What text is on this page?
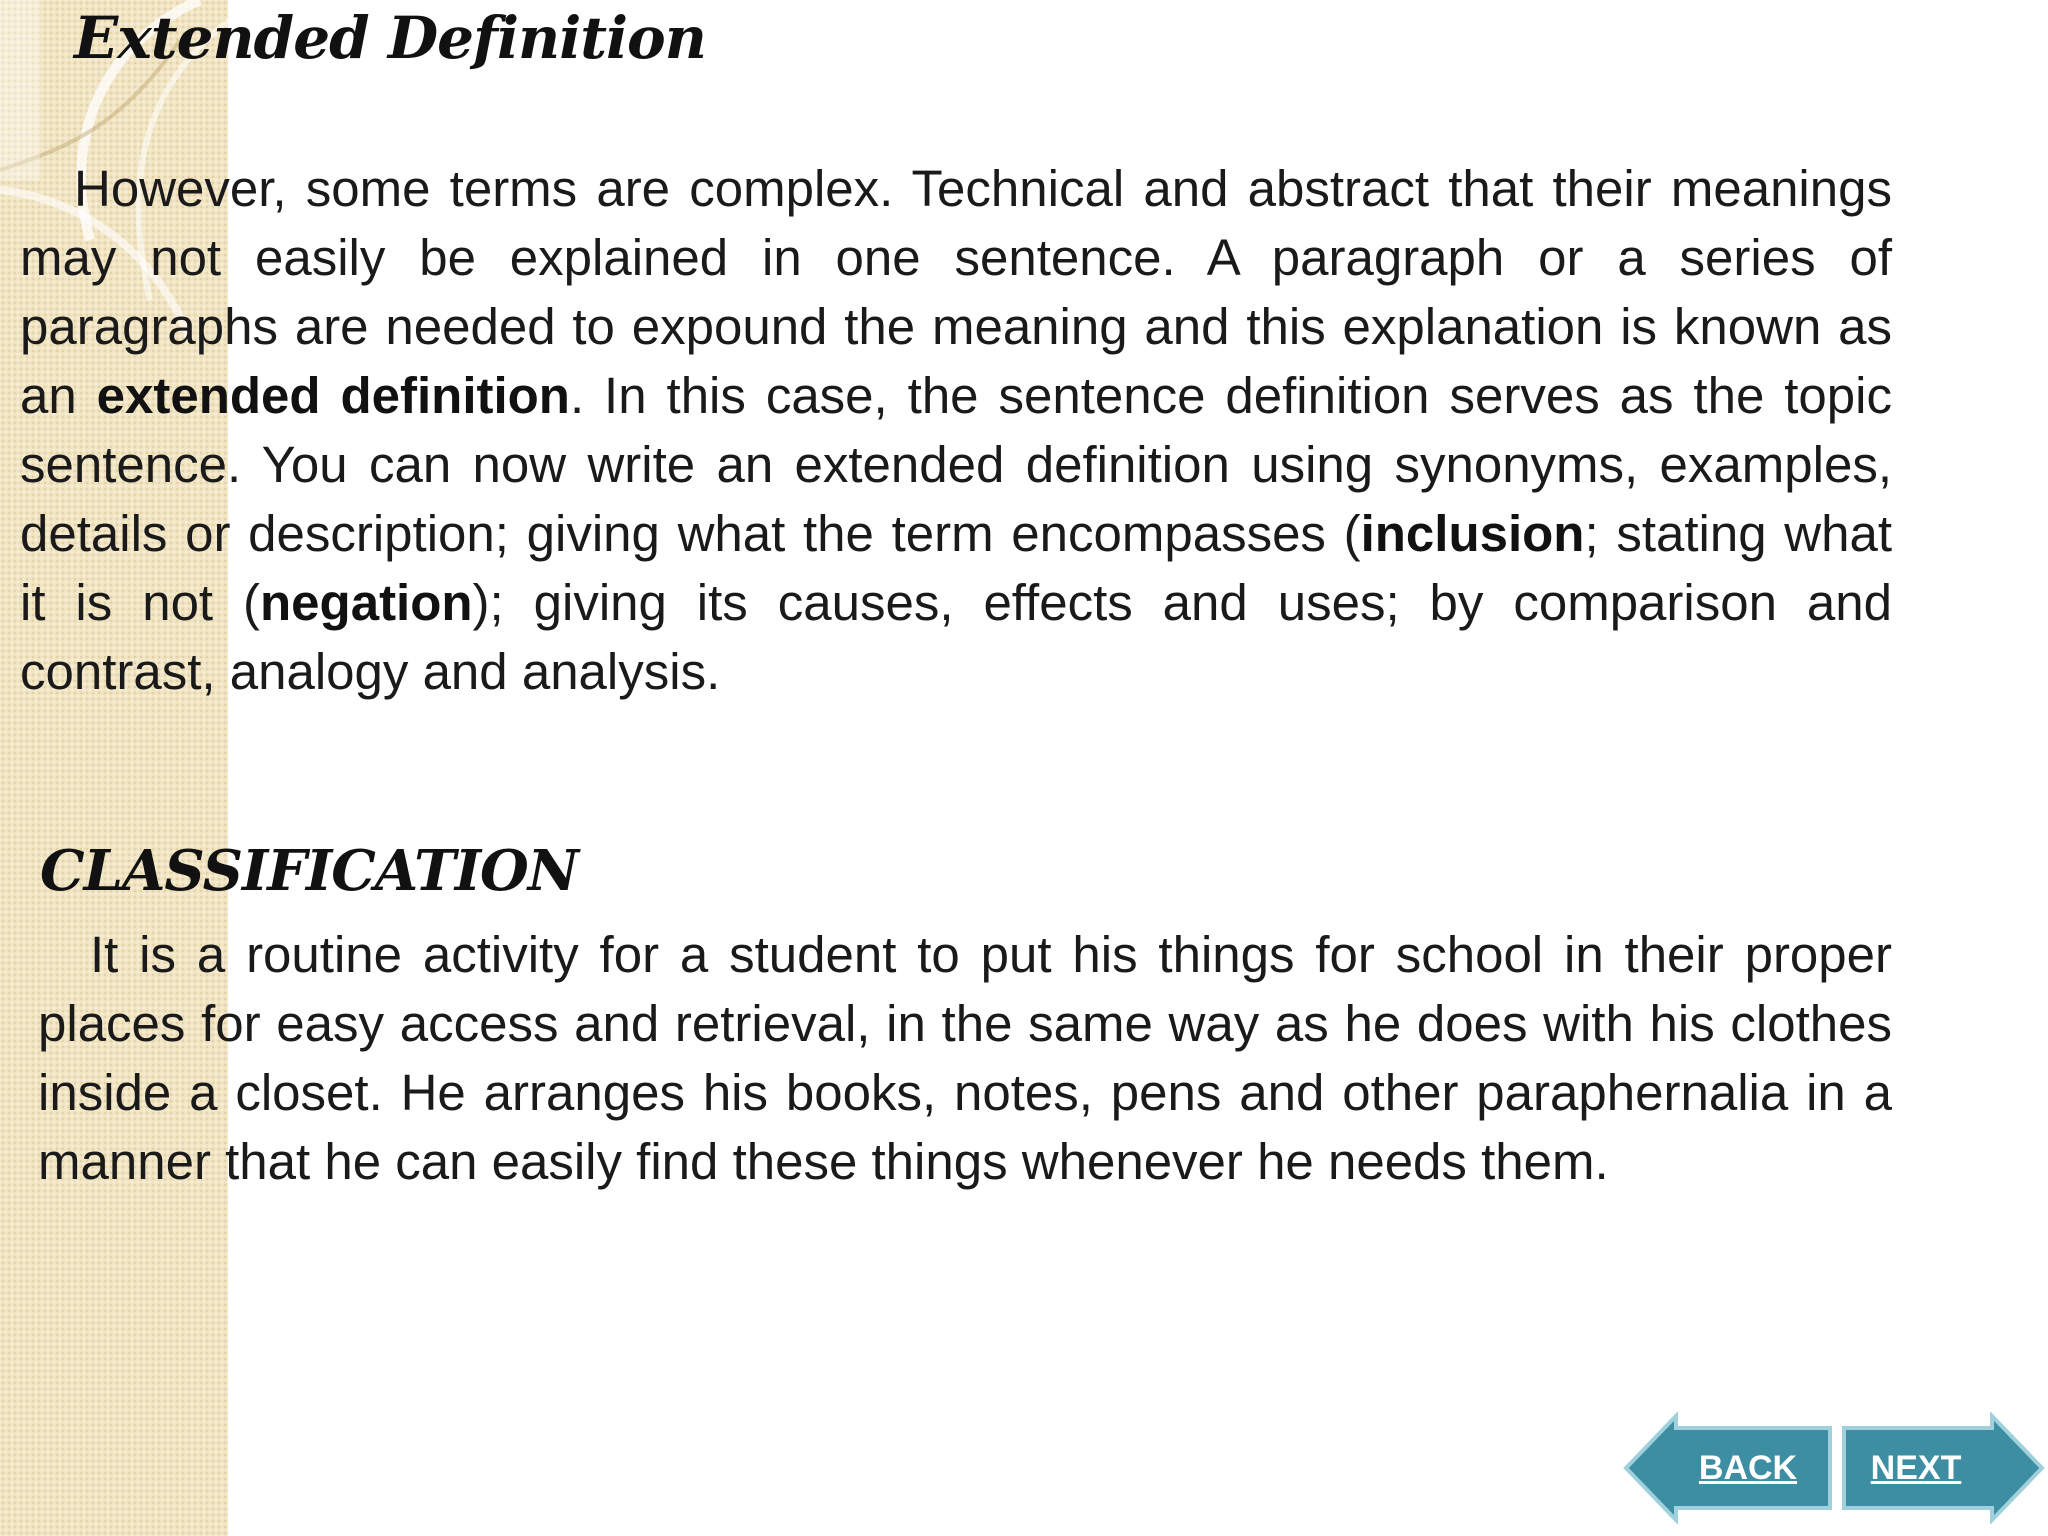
Extended Definition

However, some terms are complex. Technical and abstract that their meanings may not easily be explained in one sentence. A paragraph or a series of paragraphs are needed to expound the meaning and this explanation is known as an extended definition. In this case, the sentence definition serves as the topic sentence. You can now write an extended definition using synonyms, examples, details or description; giving what the term encompasses (inclusion; stating what it is not (negation); giving its causes, effects and uses; by comparison and contrast, analogy and analysis.

CLASSIFICATION

It is a routine activity for a student to put his things for school in their proper places for easy access and retrieval, in the same way as he does with his clothes inside a closet. He arranges his books, notes, pens and other paraphernalia in a manner that he can easily find these things whenever he needs them.

BACK	NEXT
